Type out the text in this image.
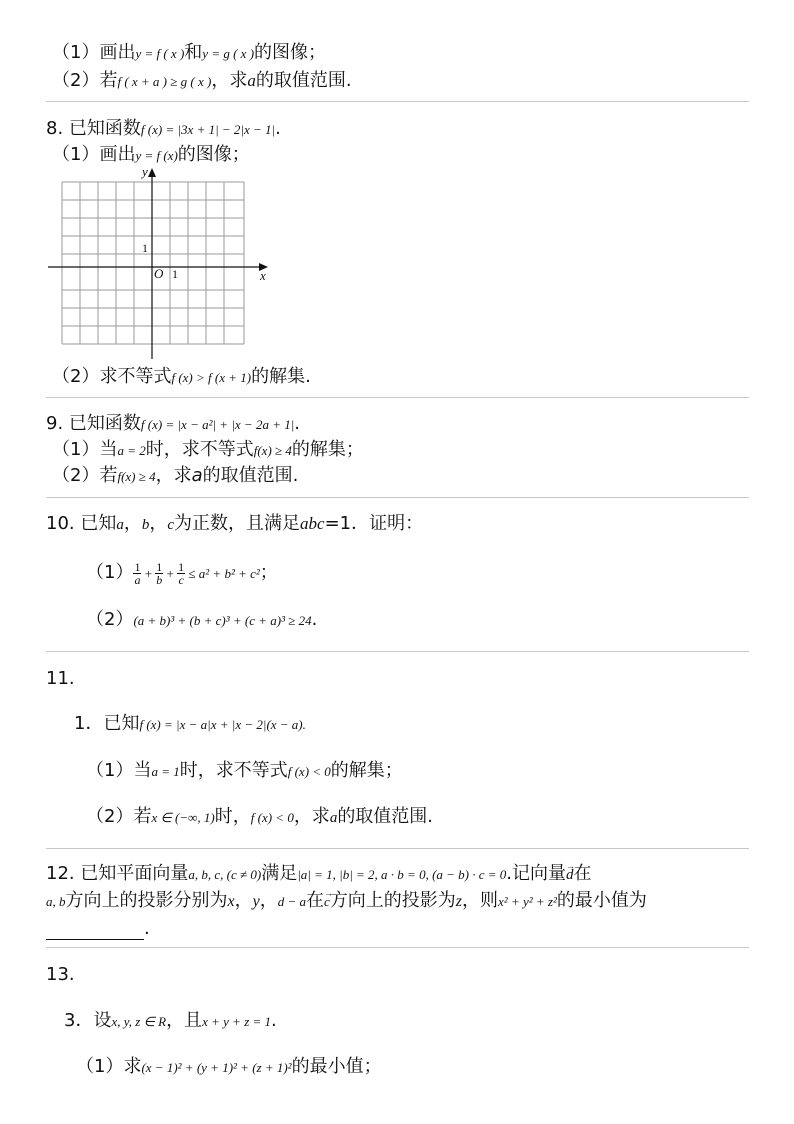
（1）画出y = f ( x )和y = g ( x )的图像；
（2）若f ( x + a ) ≥ g ( x )，求a的取值范围.
8. 已知函数f (x) = |3x + 1| − 2|x − 1|.
（1）画出y = f (x)的图像；
y
x
O 1
1
（2）求不等式f (x) > f (x + 1)的解集.
9. 已知函数f (x) = |x − a²| + |x − 2a + 1|.
（1）当a = 2时，求不等式f(x) ≥ 4的解集；
（2）若f(x) ≥ 4，求a的取值范围.
10. 已知a，b，c为正数，且满足abc=1．证明：
$(1) \frac{1}{a} + \frac{1}{b} + \frac{1}{c} \le a^2 + b^2 + c^2$；
（2）(a + b)³ + (b + c)³ + (c + a)³ ≥ 24.
11.
1．已知f (x) = |x − a|x + |x − 2|(x − a).
（1）当a = 1时，求不等式f (x) < 0的解集；
（2）若x ∈ (−∞, 1)时，f (x) < 0，求a的取值范围.
12. 已知平面向量a, b, c, (c ≠ 0)满足|a| = 1, |b| = 2, a · b = 0, (a − b) · c = 0.记向量→ d在
a, b方向上的投影分别为x，y，d − a在→ c方向上的投影为z，则x² + y² + z²的最小值为
.
13.
3．设x, y, z ∈ R，且x + y + z = 1.
（1）求(x − 1)² + (y + 1)² + (z + 1)²的最小值；
